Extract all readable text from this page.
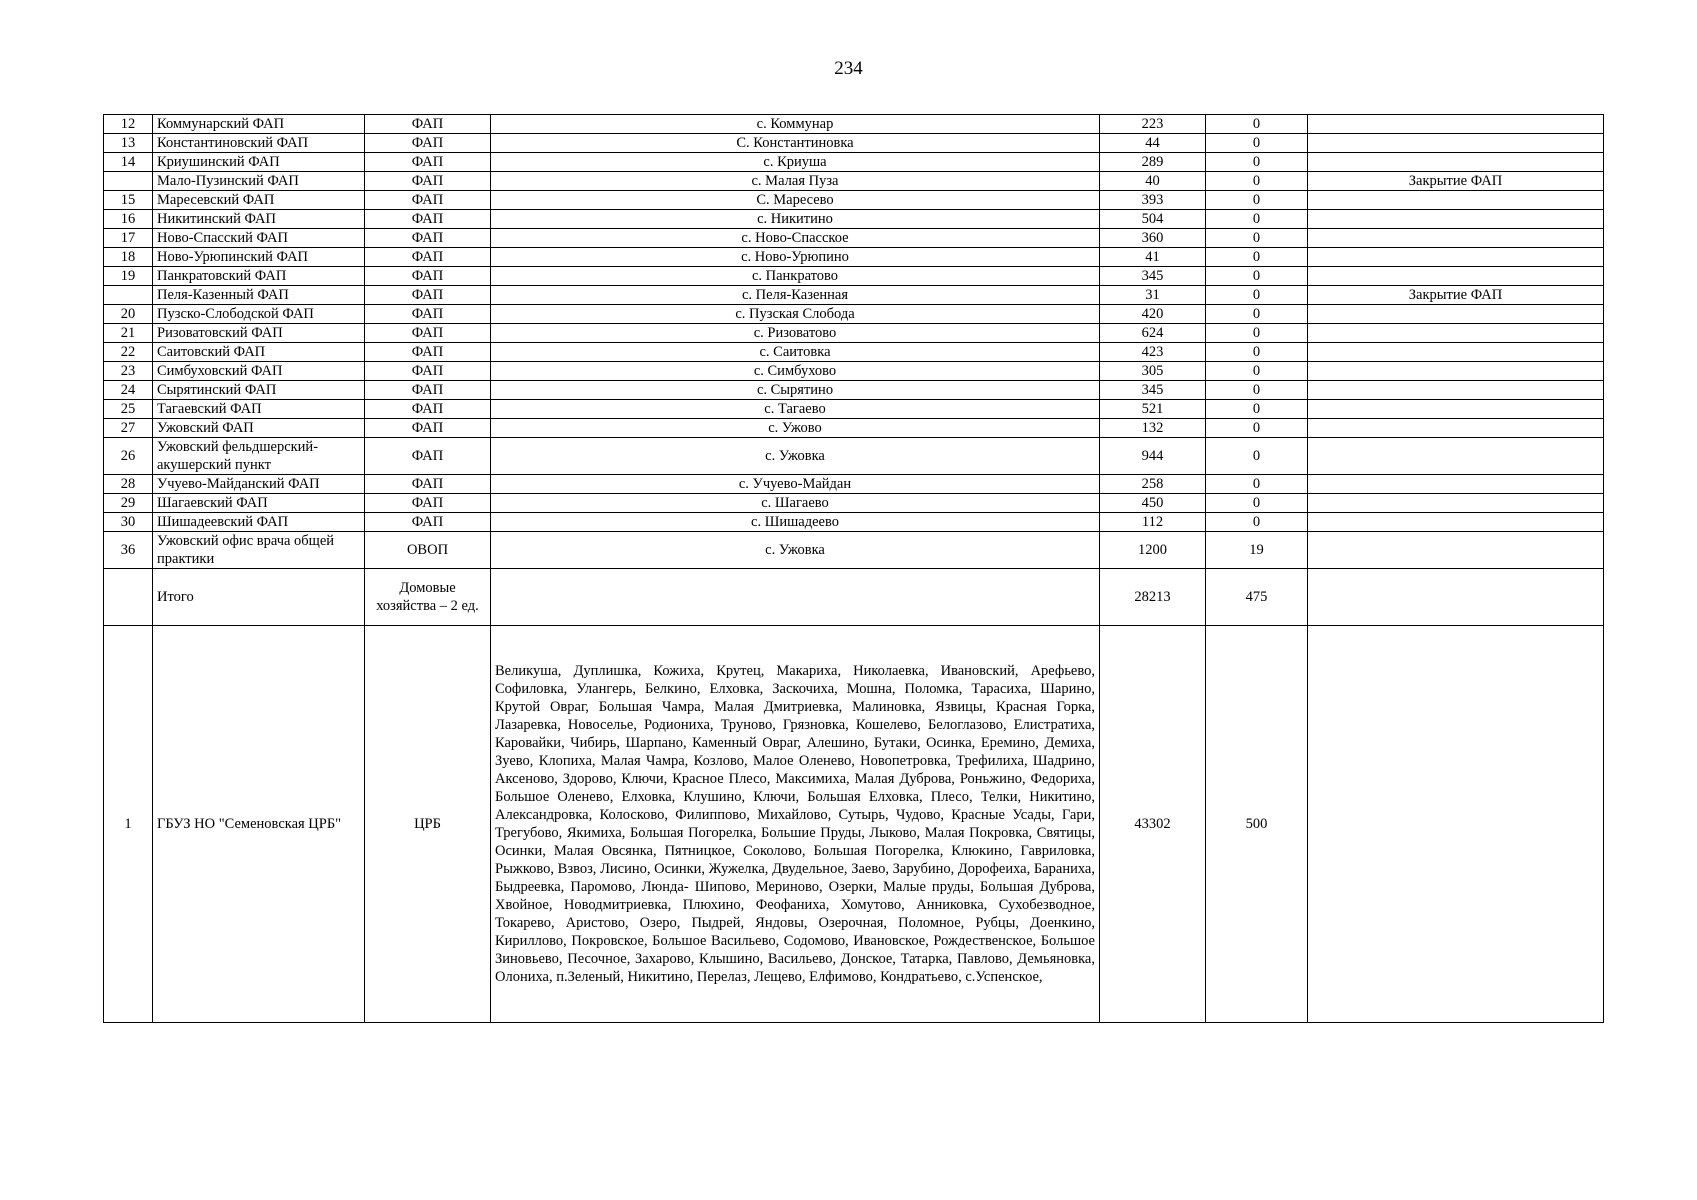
234
12	Коммунарский ФАП	ФАП	с. Коммунар	223	0	
13	Константиновский ФАП	ФАП	С. Константиновка	44	0	
14	Криушинский ФАП	ФАП	с. Криуша	289	0	
	Мало-Пузинский ФАП	ФАП	с. Малая Пуза	40	0	Закрытие ФАП
15	Маресевский ФАП	ФАП	С. Маресево	393	0	
16	Никитинский ФАП	ФАП	с. Никитино	504	0	
17	Ново-Спасский ФАП	ФАП	с. Ново-Спасское	360	0	
18	Ново-Урюпинский ФАП	ФАП	с. Ново-Урюпино	41	0	
19	Панкратовский ФАП	ФАП	с. Панкратово	345	0	
	Пеля-Казенный ФАП	ФАП	с. Пеля-Казенная	31	0	Закрытие ФАП
20	Пузско-Слободской ФАП	ФАП	с. Пузская Слобода	420	0	
21	Ризоватовский ФАП	ФАП	с. Ризоватово	624	0	
22	Саитовский ФАП	ФАП	с. Саитовка	423	0	
23	Симбуховский ФАП	ФАП	с. Симбухово	305	0	
24	Сырятинский ФАП	ФАП	с. Сырятино	345	0	
25	Тагаевский ФАП	ФАП	с. Тагаево	521	0	
27	Ужовский ФАП	ФАП	с. Ужово	132	0	
26	Ужовский фельдшерский-акушерский пункт	ФАП	с. Ужовка	944	0	
28	Учуево-Майданский ФАП	ФАП	с. Учуево-Майдан	258	0	
29	Шагаевский ФАП	ФАП	с. Шагаево	450	0	
30	Шишадеевский ФАП	ФАП	с. Шишадеево	112	0	
36	Ужовский офис врача общей практики	ОВОП	с. Ужовка	1200	19	
	Итого	Домовые хозяйства – 2 ед.		28213	475	
1	ГБУЗ НО "Семеновская ЦРБ"	ЦРБ	Великуша, Дуплишка, Кожиха, Крутец, Макариха, Николаевка, Ивановский, Арефьево, Софиловка, Улангерь, Белкино, Елховка, Заскочиха, Мошна, Поломка, Тарасиха, Шарино, Крутой Овраг, Большая Чамра, Малая Дмитриевка, Малиновка, Язвицы, Красная Горка, Лазаревка, Новоселье, Родиониха, Труново, Грязновка, Кошелево, Белоглазово, Елистратиха, Каровайки, Чибирь, Шарпано, Каменный Овраг, Алешино, Бутаки, Осинка, Еремино, Демиха, Зуево, Клопиха, Малая Чамра, Козлово, Малое Оленево, Новопетровка, Трефилиха, Шадрино, Аксеново, Здорово, Ключи, Красное Плесо, Максимиха, Малая Дуброва, Роньжино, Федориха, Большое Оленево, Елховка, Клушино, Ключи, Большая Елховка, Плесо, Телки, Никитино, Александровка, Колосково, Филиппово, Михайлово, Сутырь, Чудово, Красные Усады, Гари, Трегубово, Якимиха, Большая Погорелка, Большие Пруды, Лыково, Малая Покровка, Святицы, Осинки, Малая Овсянка, Пятницкое, Соколово, Большая Погорелка, Клюкино, Гавриловка, Рыжково, Взвоз, Лисино, Осинки, Жужелка, Двудельное, Заево, Зарубино, Дорофеиха, Бараниха, Быдреевка, Паромово, Люнда- Шипово, Мериново, Озерки, Малые пруды, Большая Дуброва, Хвойное, Новодмитриевка, Плюхино, Феофаниха, Хомутово, Анниковка, Сухобезводное, Токарево, Аристово, Озеро, Пыдрей, Яндовы, Озерочная, Поломное, Рубцы, Доенкино, Кириллово, Покровское, Большое Васильево, Содомово, Ивановское, Рождественское, Большое Зиновьево, Песочное, Захарово, Клышино, Васильево, Донское, Татарка, Павлово, Демьяновка, Олониха, п.Зеленый, Никитино, Перелаз, Лещево, Елфимово, Кондратьево, с.Успенское,	43302	500	
